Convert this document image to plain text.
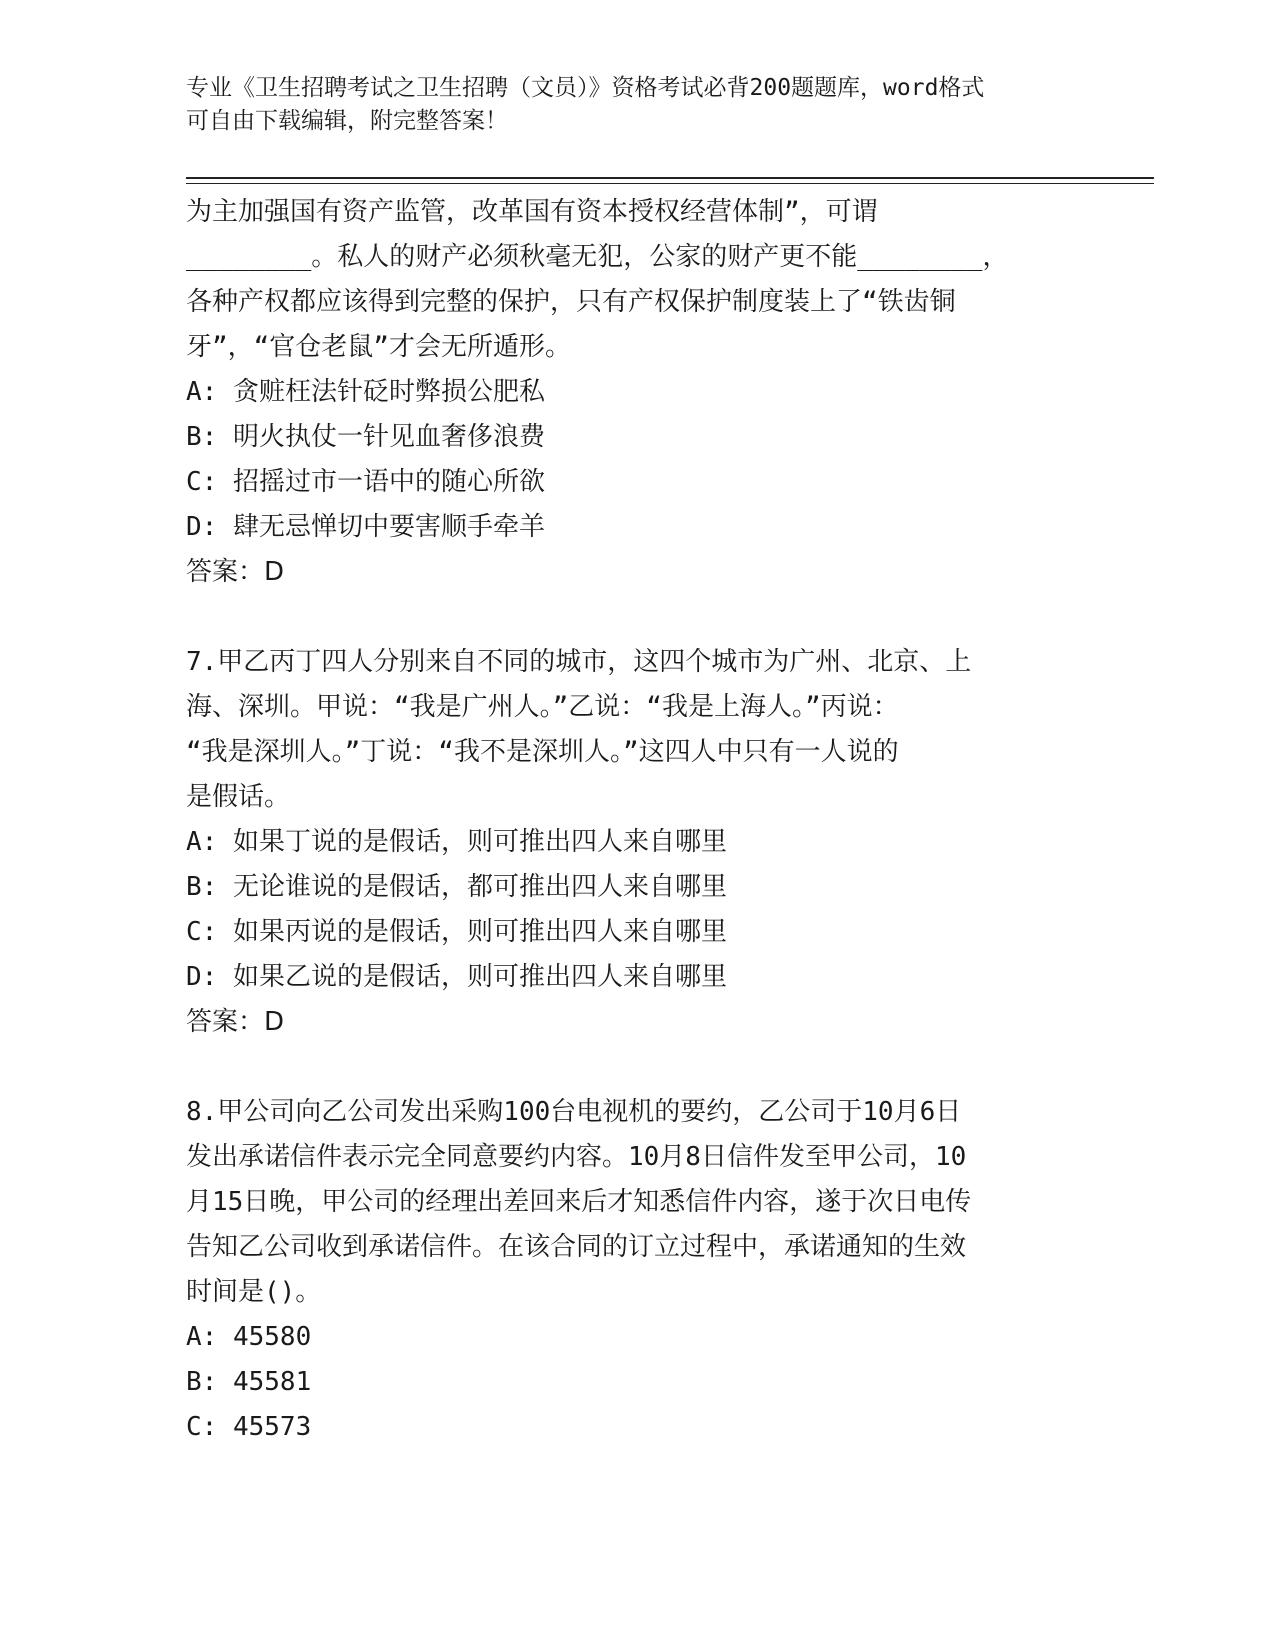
专业《卫生招聘考试之卫生招聘（文员）》资格考试必背200题题库，word格式
可自由下载编辑，附完整答案！
为主加强国有资产监管，改革国有资本授权经营体制”，可谓
________。私人的财产必须秋毫无犯，公家的财产更不能________，
各种产权都应该得到完整的保护，只有产权保护制度装上了“铁齿铜
牙”，“官仓老鼠”才会无所遁形。
A: 贪赃枉法针砭时弊损公肥私
B: 明火执仗一针见血奢侈浪费
C: 招摇过市一语中的随心所欲
D: 肆无忌惮切中要害顺手牵羊
答案：D
7.甲乙丙丁四人分别来自不同的城市，这四个城市为广州、北京、上
海、深圳。甲说：“我是广州人。”乙说：“我是上海人。”丙说：
“我是深圳人。”丁说：“我不是深圳人。”这四人中只有一人说的
是假话。
A: 如果丁说的是假话，则可推出四人来自哪里
B: 无论谁说的是假话，都可推出四人来自哪里
C: 如果丙说的是假话，则可推出四人来自哪里
D: 如果乙说的是假话，则可推出四人来自哪里
答案：D
8.甲公司向乙公司发出采购100台电视机的要约，乙公司于10月6日
发出承诺信件表示完全同意要约内容。10月8日信件发至甲公司，10
月15日晚，甲公司的经理出差回来后才知悉信件内容，遂于次日电传
告知乙公司收到承诺信件。在该合同的订立过程中，承诺通知的生效
时间是()。
A: 45580
B: 45581
C: 45573
